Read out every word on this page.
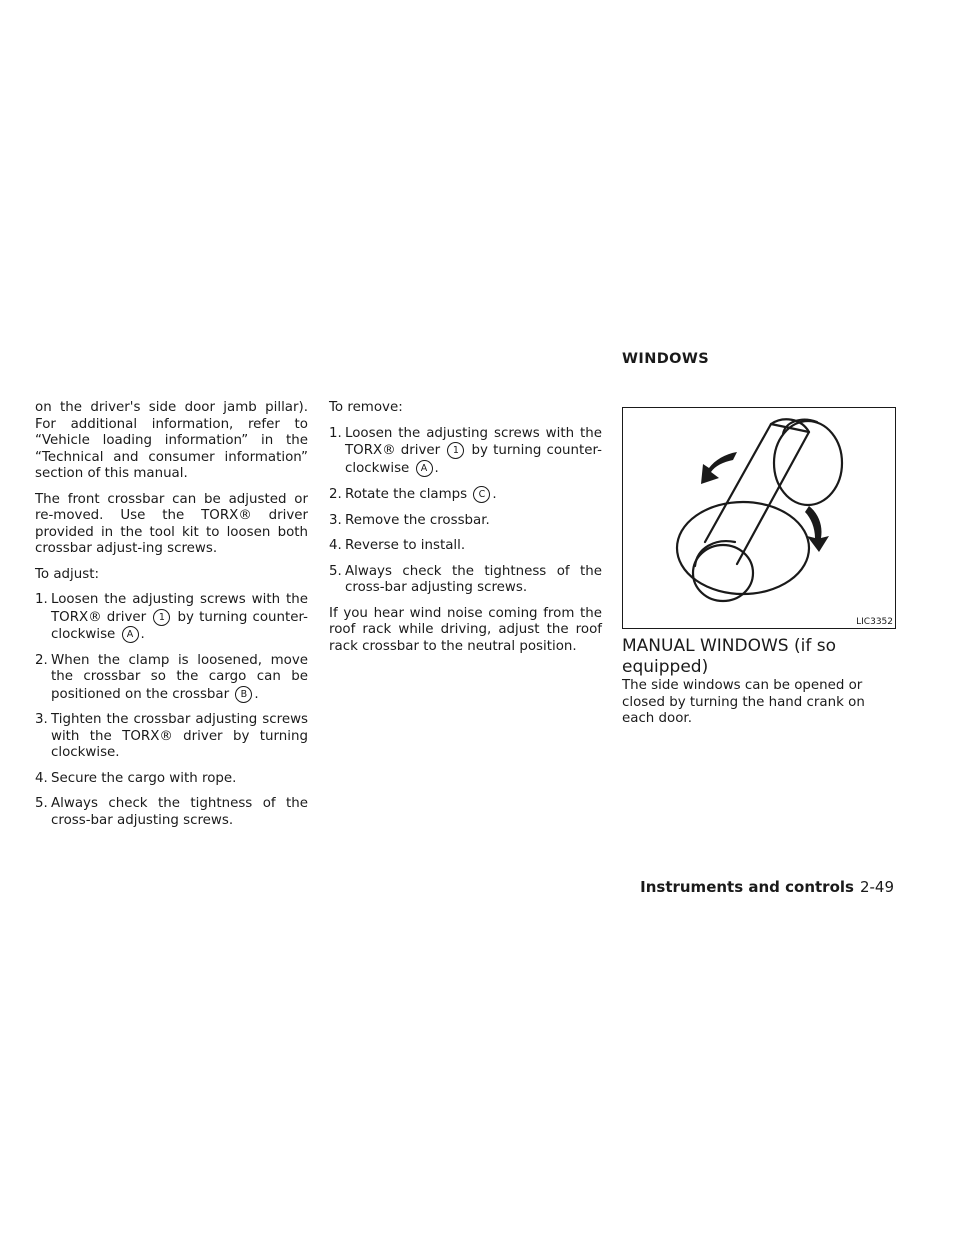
on the driver's side door jamb pillar). For additional information, refer to “Vehicle loading information” in the “Technical and consumer information” section of this manual.

The front crossbar can be adjusted or re-moved. Use the TORX® driver provided in the tool kit to loosen both crossbar adjust-ing screws.

To adjust:

1. Loosen the adjusting screws with the TORX® driver 1 by turning counter-clockwise A .
2. When the clamp is loosened, move the crossbar so the cargo can be positioned on the crossbar B .
3. Tighten the crossbar adjusting screws with the TORX® driver by turning clockwise.
4. Secure the cargo with rope.
5. Always check the tightness of the cross-bar adjusting screws.

To remove:

1. Loosen the adjusting screws with the TORX® driver 1 by turning counter-clockwise A .
2. Rotate the clamps C .
3. Remove the crossbar.
4. Reverse to install.
5. Always check the tightness of the cross-bar adjusting screws.

If you hear wind noise coming from the roof rack while driving, adjust the roof rack crossbar to the neutral position.

WINDOWS
LIC3352
MANUAL WINDOWS (if so equipped)
The side windows can be opened or closed by turning the hand crank on each door.
Instruments and controls 2-49
